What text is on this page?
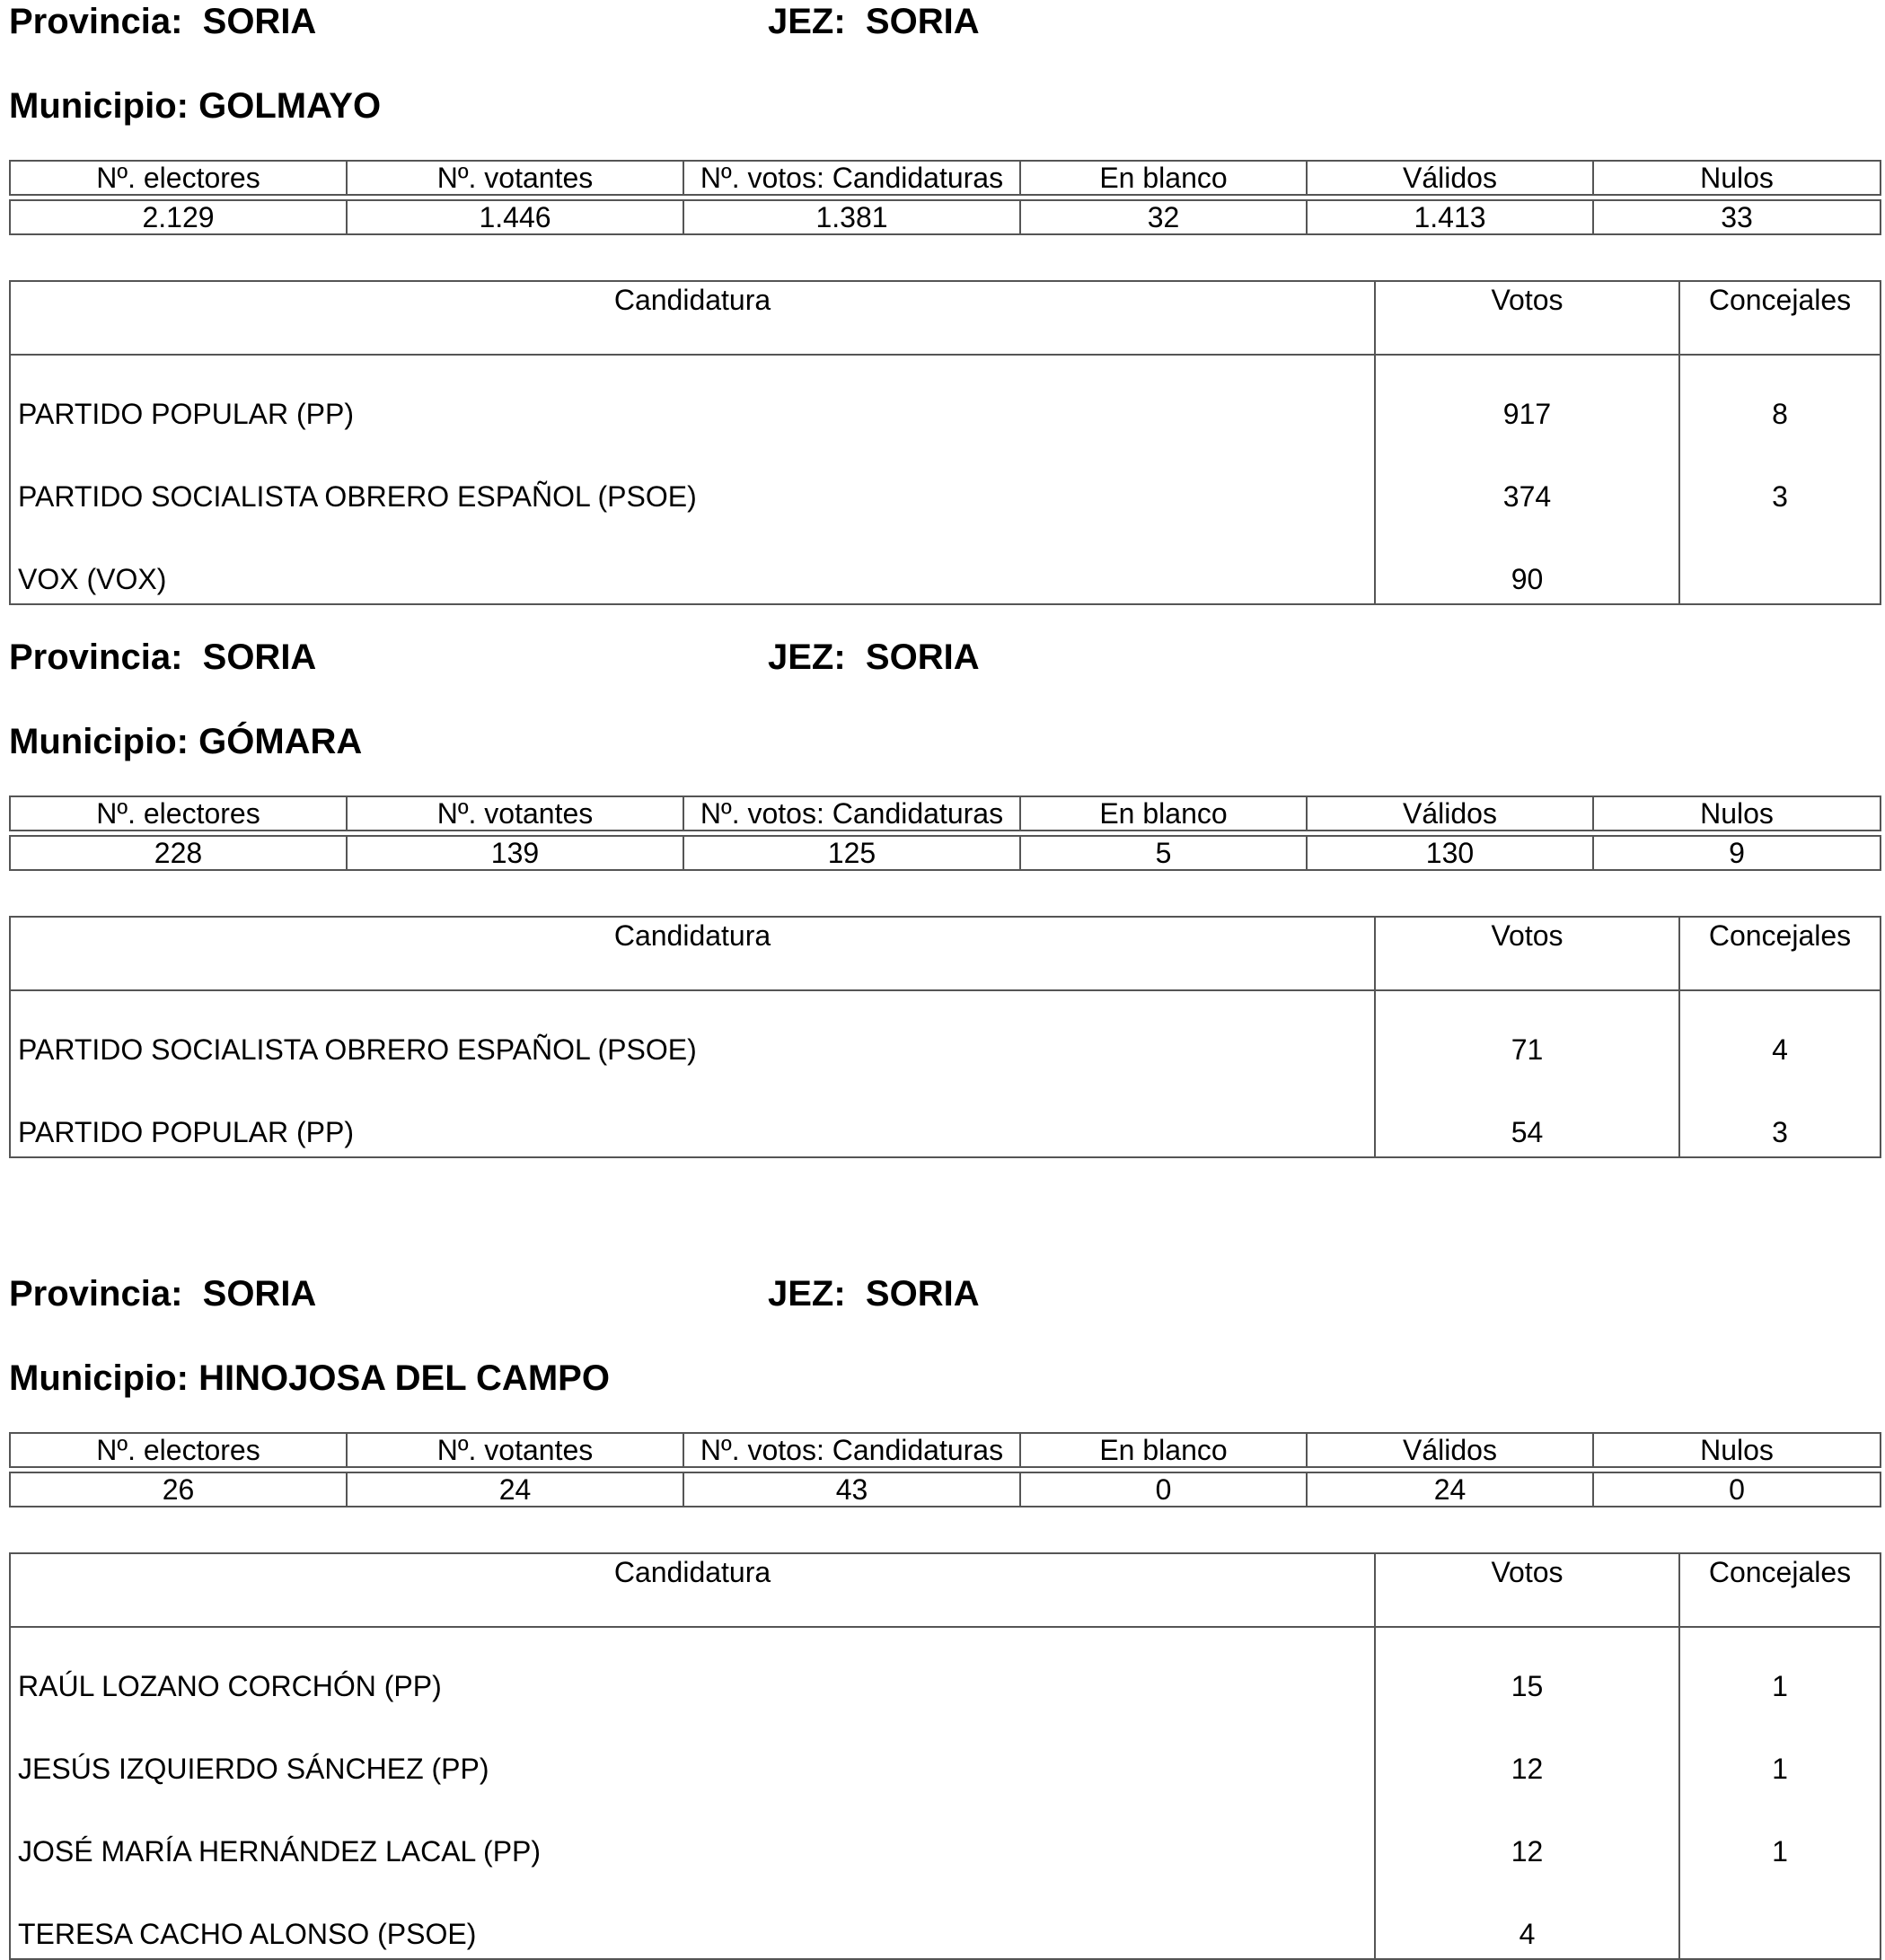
Provincia: SORIA	JEZ: SORIA
Municipio: GOLMAYO
Nº. electores	Nº. votantes	Nº. votos: Candidaturas	En blanco	Válidos	Nulos
2.129	1.446	1.381	32	1.413	33
Candidatura	Votos	Concejales
PARTIDO POPULAR (PP)	917	8
PARTIDO SOCIALISTA OBRERO ESPAÑOL (PSOE)	374	3
VOX (VOX)	90	
Provincia: SORIA	JEZ: SORIA
Municipio: GÓMARA
Nº. electores	Nº. votantes	Nº. votos: Candidaturas	En blanco	Válidos	Nulos
228	139	125	5	130	9
Candidatura	Votos	Concejales
PARTIDO SOCIALISTA OBRERO ESPAÑOL (PSOE)	71	4
PARTIDO POPULAR (PP)	54	3
Provincia: SORIA	JEZ: SORIA
Municipio: HINOJOSA DEL CAMPO
Nº. electores	Nº. votantes	Nº. votos: Candidaturas	En blanco	Válidos	Nulos
26	24	43	0	24	0
Candidatura	Votos	Concejales
RAÚL LOZANO CORCHÓN (PP)	15	1
JESÚS IZQUIERDO SÁNCHEZ (PP)	12	1
JOSÉ MARÍA HERNÁNDEZ LACAL (PP)	12	1
TERESA CACHO ALONSO (PSOE)	4	
